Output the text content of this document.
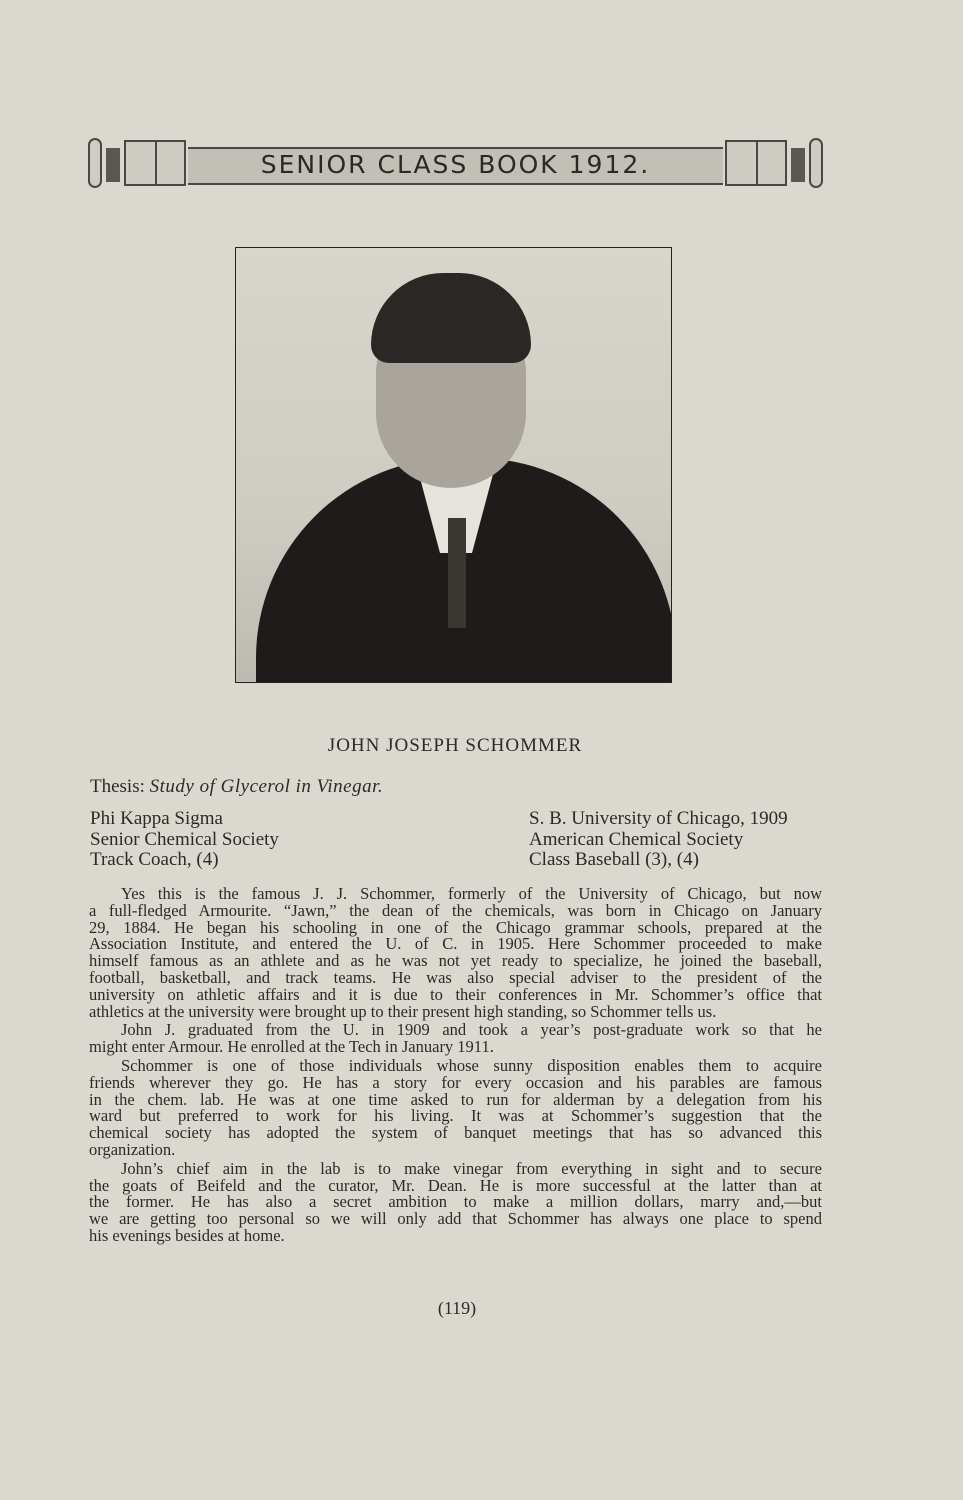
SENIOR CLASS BOOK 1912.
JOHN JOSEPH SCHOMMER
Thesis: Study of Glycerol in Vinegar.
Phi Kappa Sigma
Senior Chemical Society
Track Coach, (4)
S. B. University of Chicago, 1909
American Chemical Society
Class Baseball (3), (4)
Yes this is the famous J. J. Schommer, formerly of the University of Chicago, but now
a full-fledged Armourite. “Jawn,” the dean of the chemicals, was born in Chicago on January
29, 1884. He began his schooling in one of the Chicago grammar schools, prepared at the
Association Institute, and entered the U. of C. in 1905. Here Schommer proceeded to make
himself famous as an athlete and as he was not yet ready to specialize, he joined the baseball,
football, basketball, and track teams. He was also special adviser to the president of the
university on athletic affairs and it is due to their conferences in Mr. Schommer’s office that
athletics at the university were brought up to their present high standing, so Schommer tells us.
John J. graduated from the U. in 1909 and took a year’s post-graduate work so that he
might enter Armour. He enrolled at the Tech in January 1911.
Schommer is one of those individuals whose sunny disposition enables them to acquire
friends wherever they go. He has a story for every occasion and his parables are famous
in the chem. lab. He was at one time asked to run for alderman by a delegation from his
ward but preferred to work for his living. It was at Schommer’s suggestion that the
chemical society has adopted the system of banquet meetings that has so advanced this
organization.
John’s chief aim in the lab is to make vinegar from everything in sight and to secure
the goats of Beifeld and the curator, Mr. Dean. He is more successful at the latter than at
the former. He has also a secret ambition to make a million dollars, marry and,—but
we are getting too personal so we will only add that Schommer has always one place to spend
his evenings besides at home.
(119)
